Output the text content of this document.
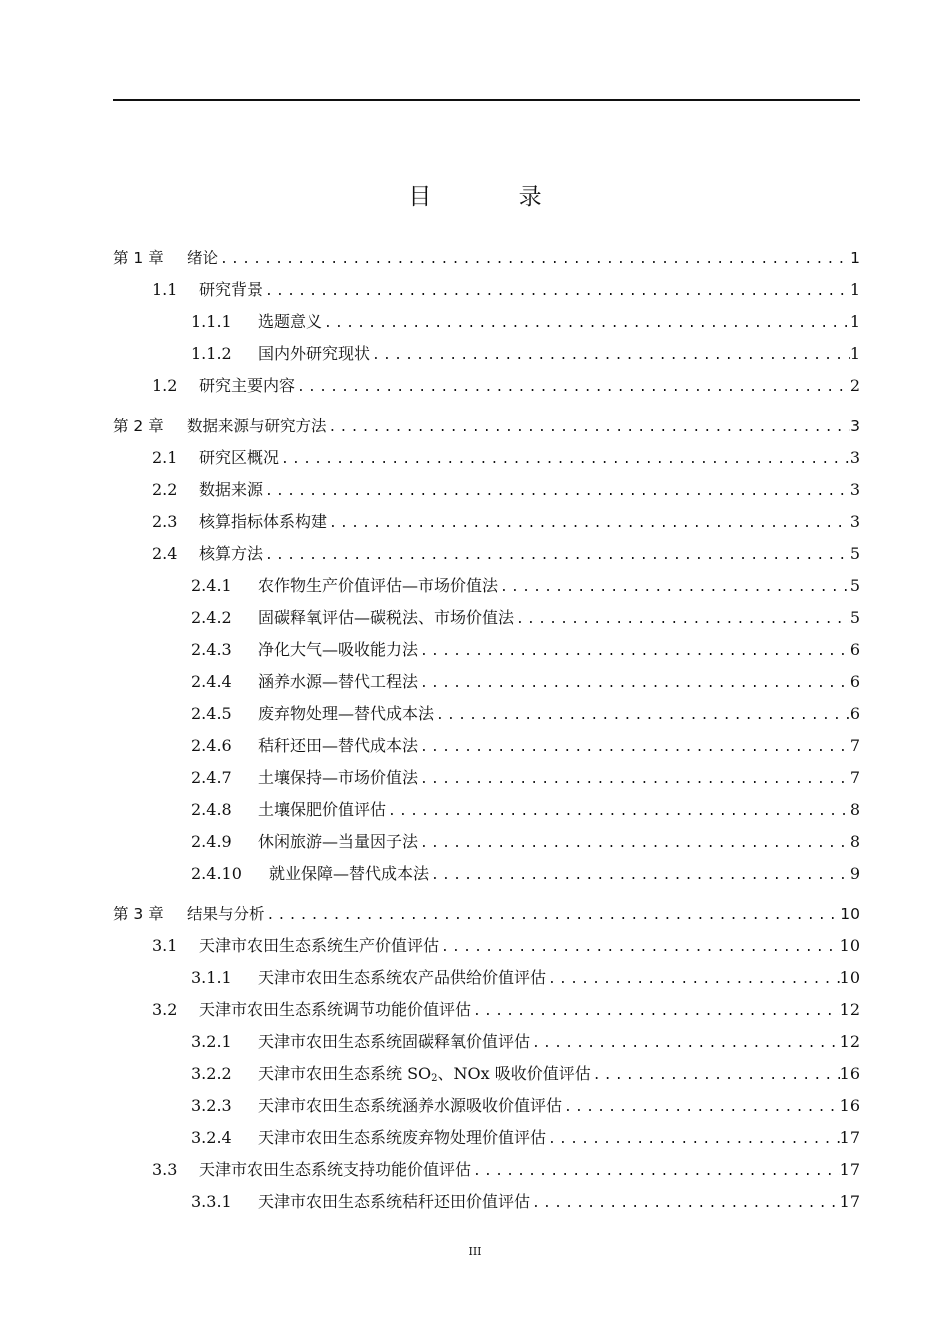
目 录
第 1 章	绪论 .....	1
1.1	研究背景 .....	1
1.1.1	选题意义 .....	1
1.1.2	国内外研究现状 .....	1
1.2	研究主要内容 .....	2
第 2 章	数据来源与研究方法 .....	3
2.1	研究区概况 .....	3
2.2	数据来源 .....	3
2.3	核算指标体系构建 .....	3
2.4	核算方法 .....	5
2.4.1	农作物生产价值评估—市场价值法 .....	5
2.4.2	固碳释氧评估—碳税法、市场价值法 .....	5
2.4.3	净化大气—吸收能力法 .....	6
2.4.4	涵养水源—替代工程法 .....	6
2.4.5	废弃物处理—替代成本法 .....	6
2.4.6	秸秆还田—替代成本法 .....	7
2.4.7	土壤保持—市场价值法 .....	7
2.4.8	土壤保肥价值评估 .....	8
2.4.9	休闲旅游—当量因子法 .....	8
2.4.10	就业保障—替代成本法 .....	9
第 3 章	结果与分析 .....	10
3.1	天津市农田生态系统生产价值评估 .....	10
3.1.1	天津市农田生态系统农产品供给价值评估 .....	10
3.2	天津市农田生态系统调节功能价值评估 .....	12
3.2.1	天津市农田生态系统固碳释氧价值评估 .....	12
3.2.2	天津市农田生态系统 $SO_2$、NOx 吸收价值评估 .....	16
3.2.3	天津市农田生态系统涵养水源吸收价值评估 .....	16
3.2.4	天津市农田生态系统废弃物处理价值评估 .....	17
3.3	天津市农田生态系统支持功能价值评估 .....	17
3.3.1	天津市农田生态系统秸秆还田价值评估 .....	17
III
